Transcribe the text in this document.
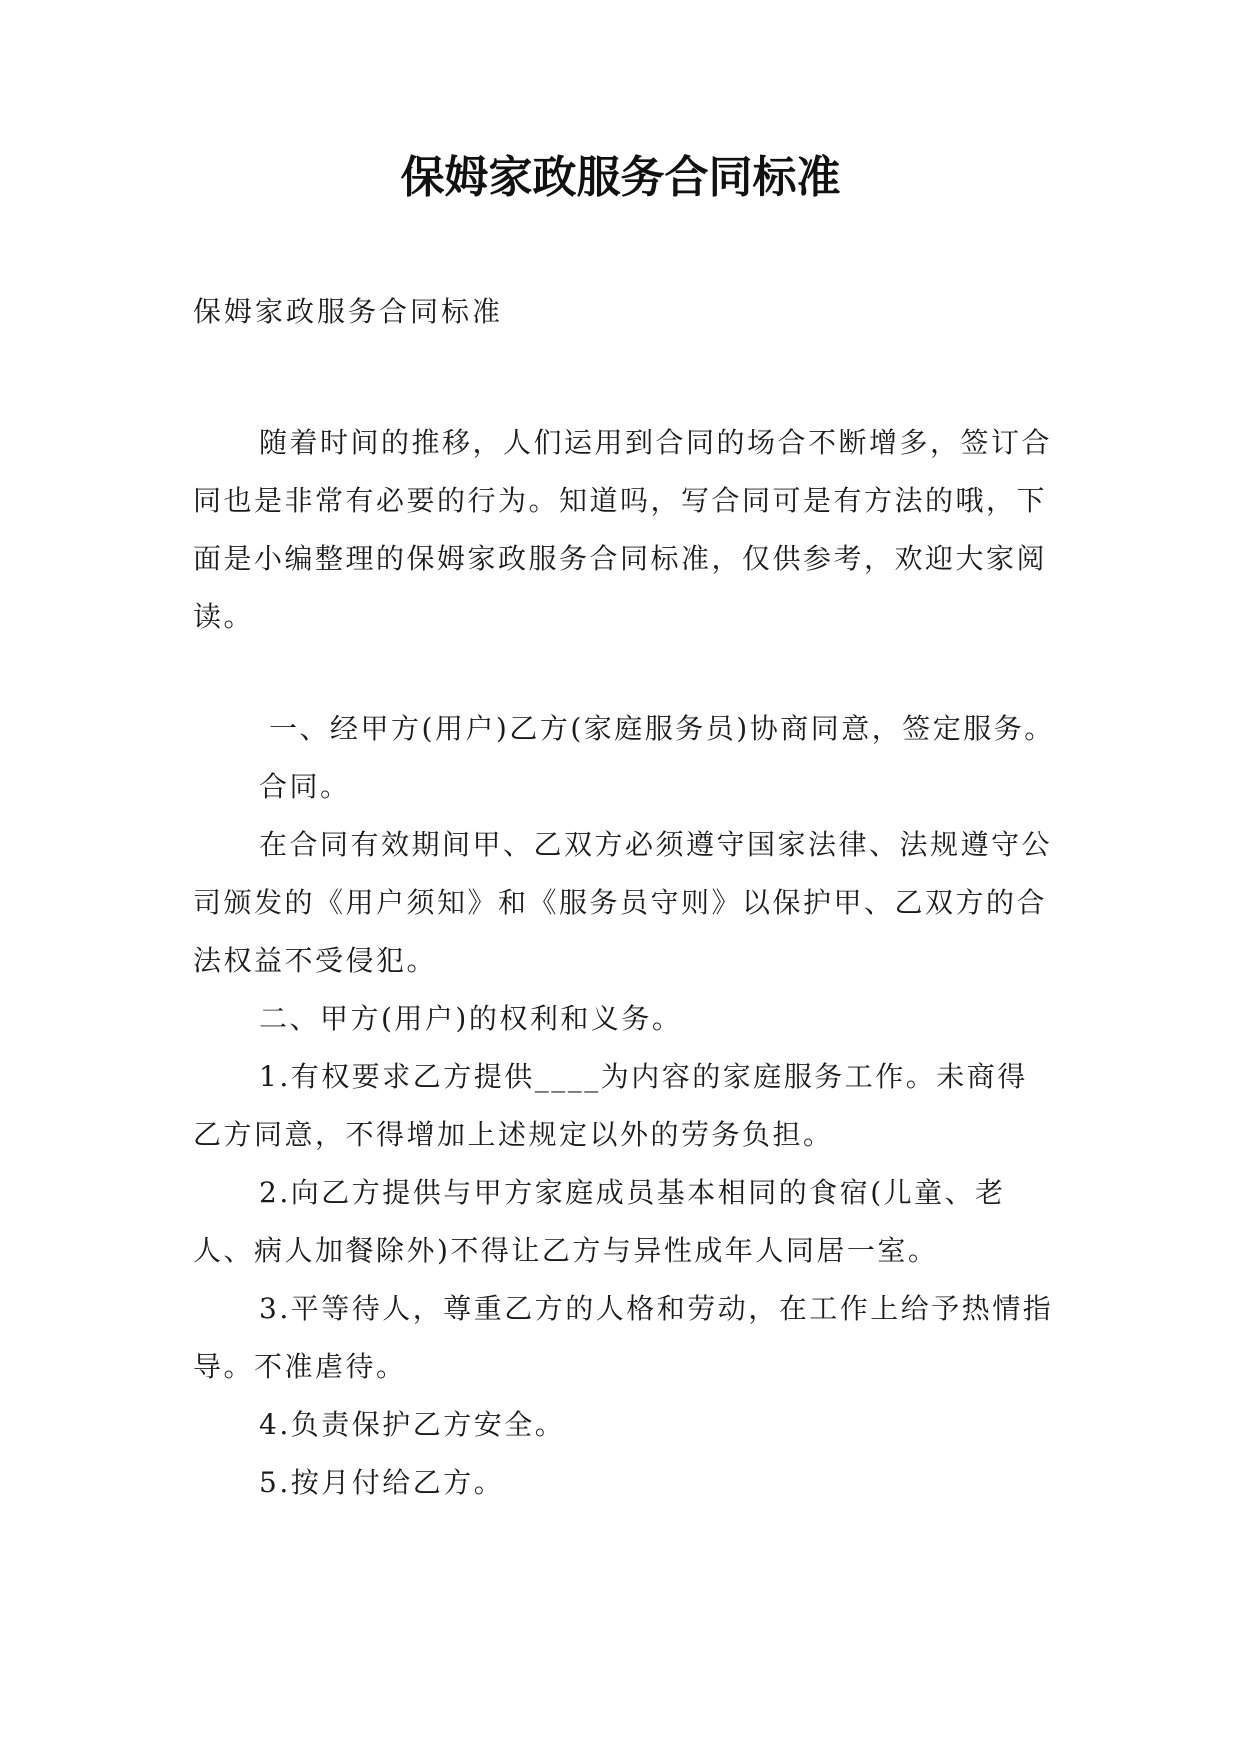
保姆家政服务合同标准

保姆家政服务合同标准

随着时间的推移，人们运用到合同的场合不断增多，签订合同也是非常有必要的行为。知道吗，写合同可是有方法的哦，下面是小编整理的保姆家政服务合同标准，仅供参考，欢迎大家阅读。

一、经甲方(用户)乙方(家庭服务员)协商同意，签定服务。

合同。

在合同有效期间甲、乙双方必须遵守国家法律、法规遵守公司颁发的《用户须知》和《服务员守则》以保护甲、乙双方的合法权益不受侵犯。

二、甲方(用户)的权利和义务。

1.有权要求乙方提供____为内容的家庭服务工作。未商得乙方同意，不得增加上述规定以外的劳务负担。

2.向乙方提供与甲方家庭成员基本相同的食宿(儿童、老人、病人加餐除外)不得让乙方与异性成年人同居一室。

3.平等待人，尊重乙方的人格和劳动，在工作上给予热情指导。不准虐待。

4.负责保护乙方安全。

5.按月付给乙方。
